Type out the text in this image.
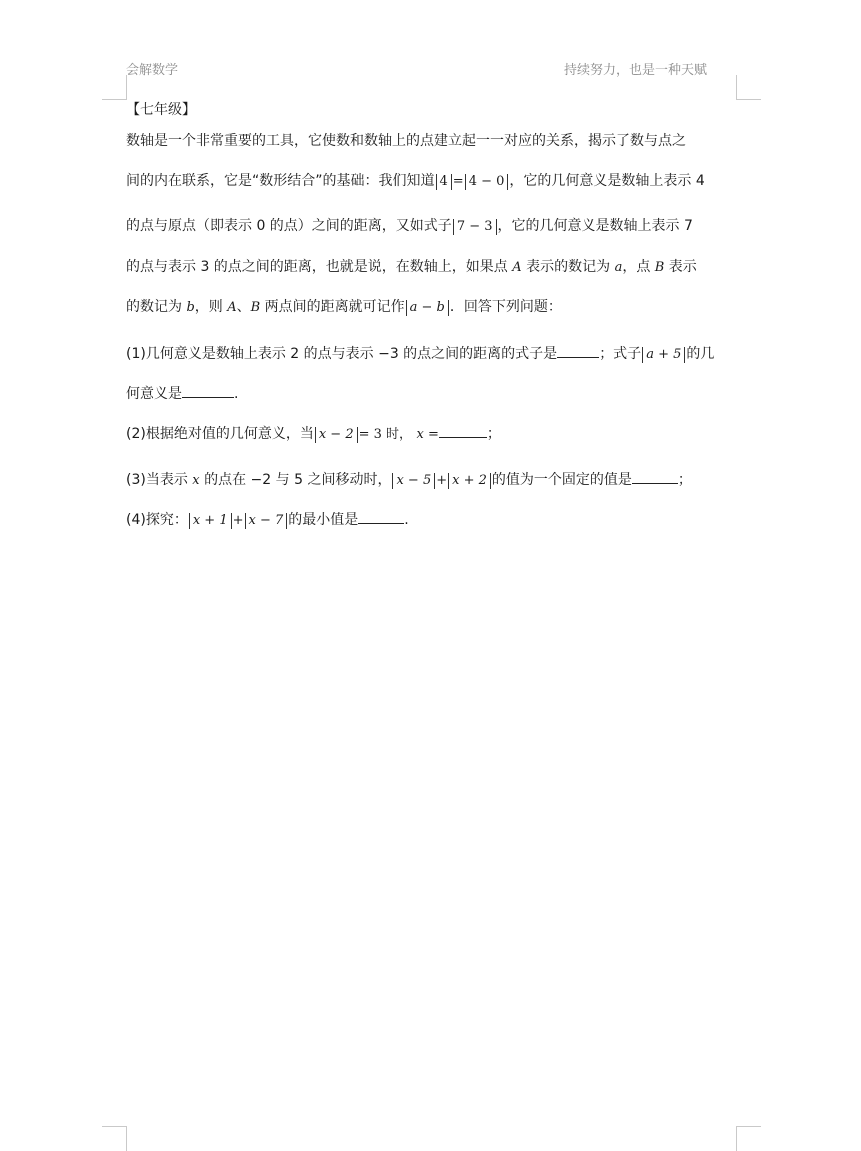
会解数学	持续努力，也是一种天赋
【七年级】
数轴是一个非常重要的工具，它使数和数轴上的点建立起一一对应的关系，揭示了数与点之
间的内在联系，它是“数形结合”的基础：我们知道 4 = 4 − 0 ，它的几何意义是数轴上表示 4
的点与原点（即表示 0 的点）之间的距离，又如式子 7 − 3 ，它的几何意义是数轴上表示 7
的点与表示 3 的点之间的距离，也就是说，在数轴上，如果点 A 表示的数记为 a，点 B 表示
的数记为 b，则 A、B 两点间的距离就可记作 a − b ．回答下列问题：
(1)几何意义是数轴上表示 2 的点与表示 −3 的点之间的距离的式子是	；式子 a + 5 的几
何意义是	.
(2)根据绝对值的几何意义，当 x − 2 = 3 时， x =	；
(3)当表示 x 的点在 −2 与 5 之间移动时， x − 5 + x + 2 的值为一个固定的值是	；
(4)探究： x + 1 + x − 7 的最小值是	.
